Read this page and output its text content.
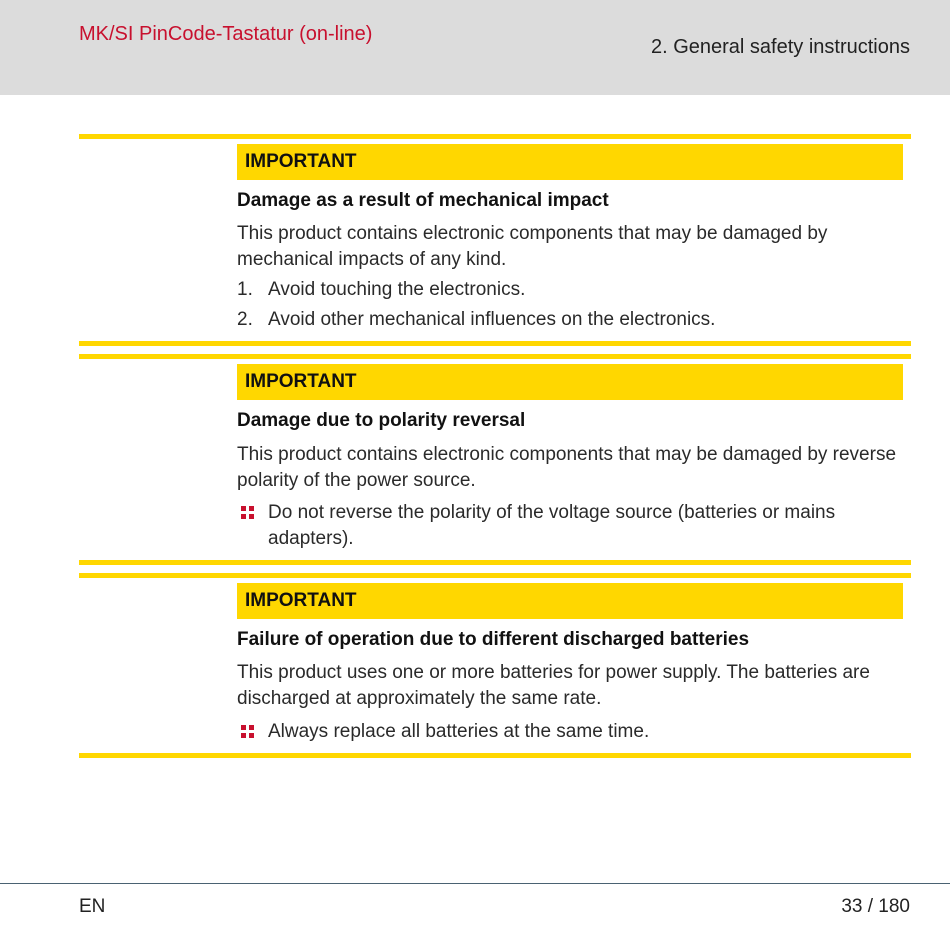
MK/SI PinCode-Tastatur (on-line)
2. General safety instructions
IMPORTANT
Damage as a result of mechanical impact
This product contains electronic components that may be damaged by mechanical impacts of any kind.
1. Avoid touching the electronics.
2. Avoid other mechanical influences on the electronics.
IMPORTANT
Damage due to polarity reversal
This product contains electronic components that may be damaged by reverse polarity of the power source.
Do not reverse the polarity of the voltage source (batteries or mains adapters).
IMPORTANT
Failure of operation due to different discharged batteries
This product uses one or more batteries for power supply. The batteries are discharged at approximately the same rate.
Always replace all batteries at the same time.
EN	33 / 180
